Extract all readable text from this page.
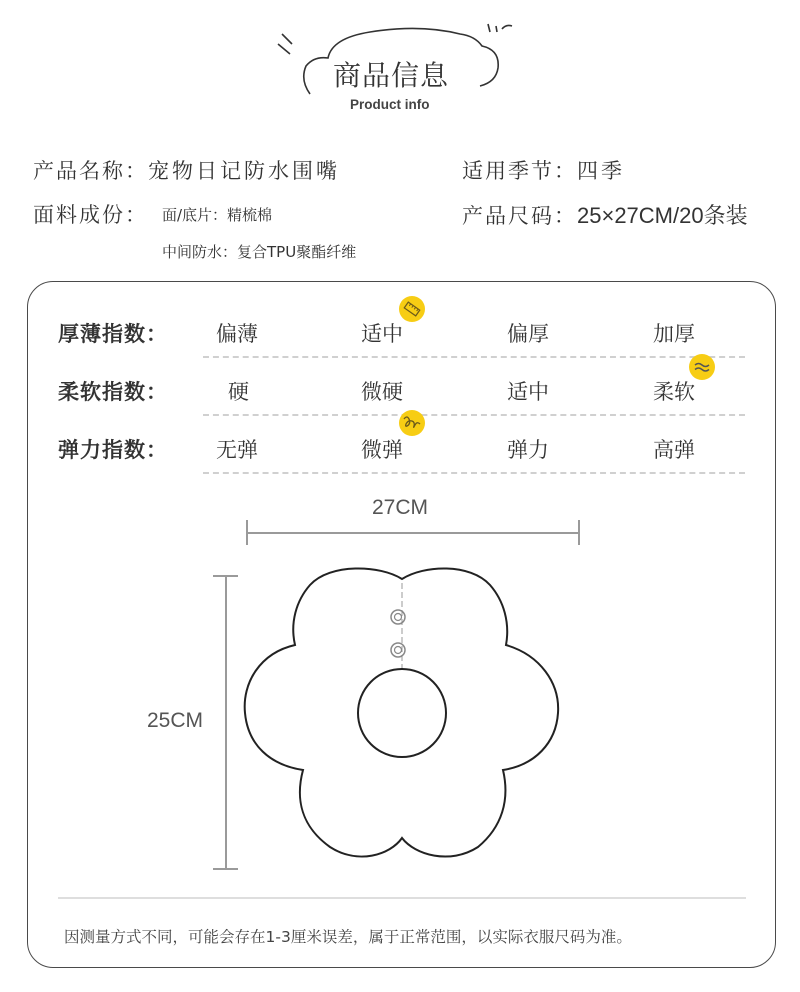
商品信息
Product info
产品名称：宠物日记防水围嘴	适用季节：四季
面料成份： 面/底片：精梳棉
中间防水：复合TPU聚酯纤维
产品尺码：25×27CM/20条装
厚薄指数： 偏薄	适中	偏厚	加厚
柔软指数：	硬	微硬	适中	柔软
弹力指数： 无弹	微弹	弹力	高弹
27CM
25CM
因测量方式不同，可能会存在1-3厘米误差，属于正常范围，以实际衣服尺码为准。
